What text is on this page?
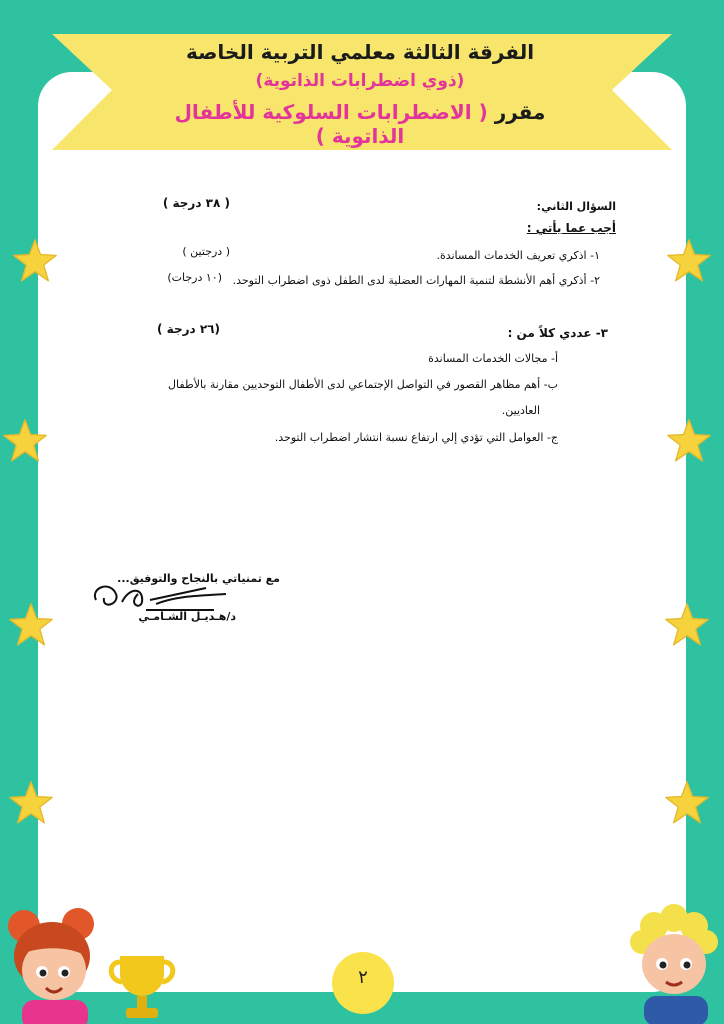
الفرقة الثالثة معلمي التربية الخاصة
(ذوي اضطرابات الذاتوية)
مقرر ( الاضطرابات السلوكية للأطفال الذاتوية )
السؤال الثاني:
( ٣٨ درجة )
أجب عما يأتي :
١- اذكري تعريف الخدمات المساندة.
( درجتين )
٢- أذكري أهم الأنشطة لتنمية المهارات العضلية لدى الطفل ذوى اضطراب التوحد.
(١٠ درجات)
٣- عددي كلاً من :
(٢٦ درجة )
أ- مجالات الخدمات المساندة
ب- أهم مظاهر القصور في التواصل الإجتماعي لدى الأطفال التوحديين مقارنة بالأطفال
العاديين.
ج- العوامل التي تؤدي إلي ارتفاع نسبة انتشار اضطراب التوحد.
مع تمنياتي بالنجاح والتوفيق...
د/هـديـل الشـامـي
٢
